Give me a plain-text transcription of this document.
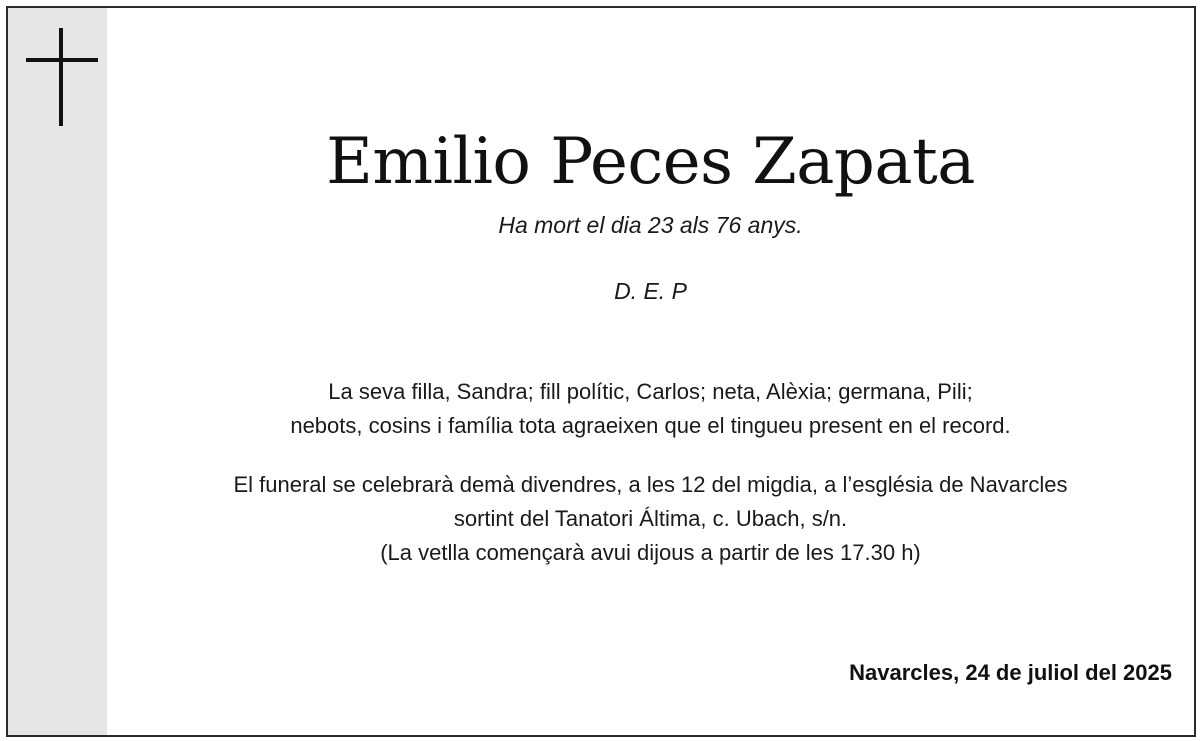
Emilio Peces Zapata
Ha mort el dia 23 als 76 anys.
D. E. P
La seva filla, Sandra; fill polític, Carlos; neta, Alèxia; germana, Pili;
nebots, cosins i família tota agraeixen que el tingueu present en el record.
El funeral se celebrarà demà divendres, a les 12 del migdia, a l’església de Navarcles
sortint del Tanatori Áltima, c. Ubach, s/n.
(La vetlla començarà avui dijous a partir de les 17.30 h)
Navarcles, 24 de juliol del 2025
